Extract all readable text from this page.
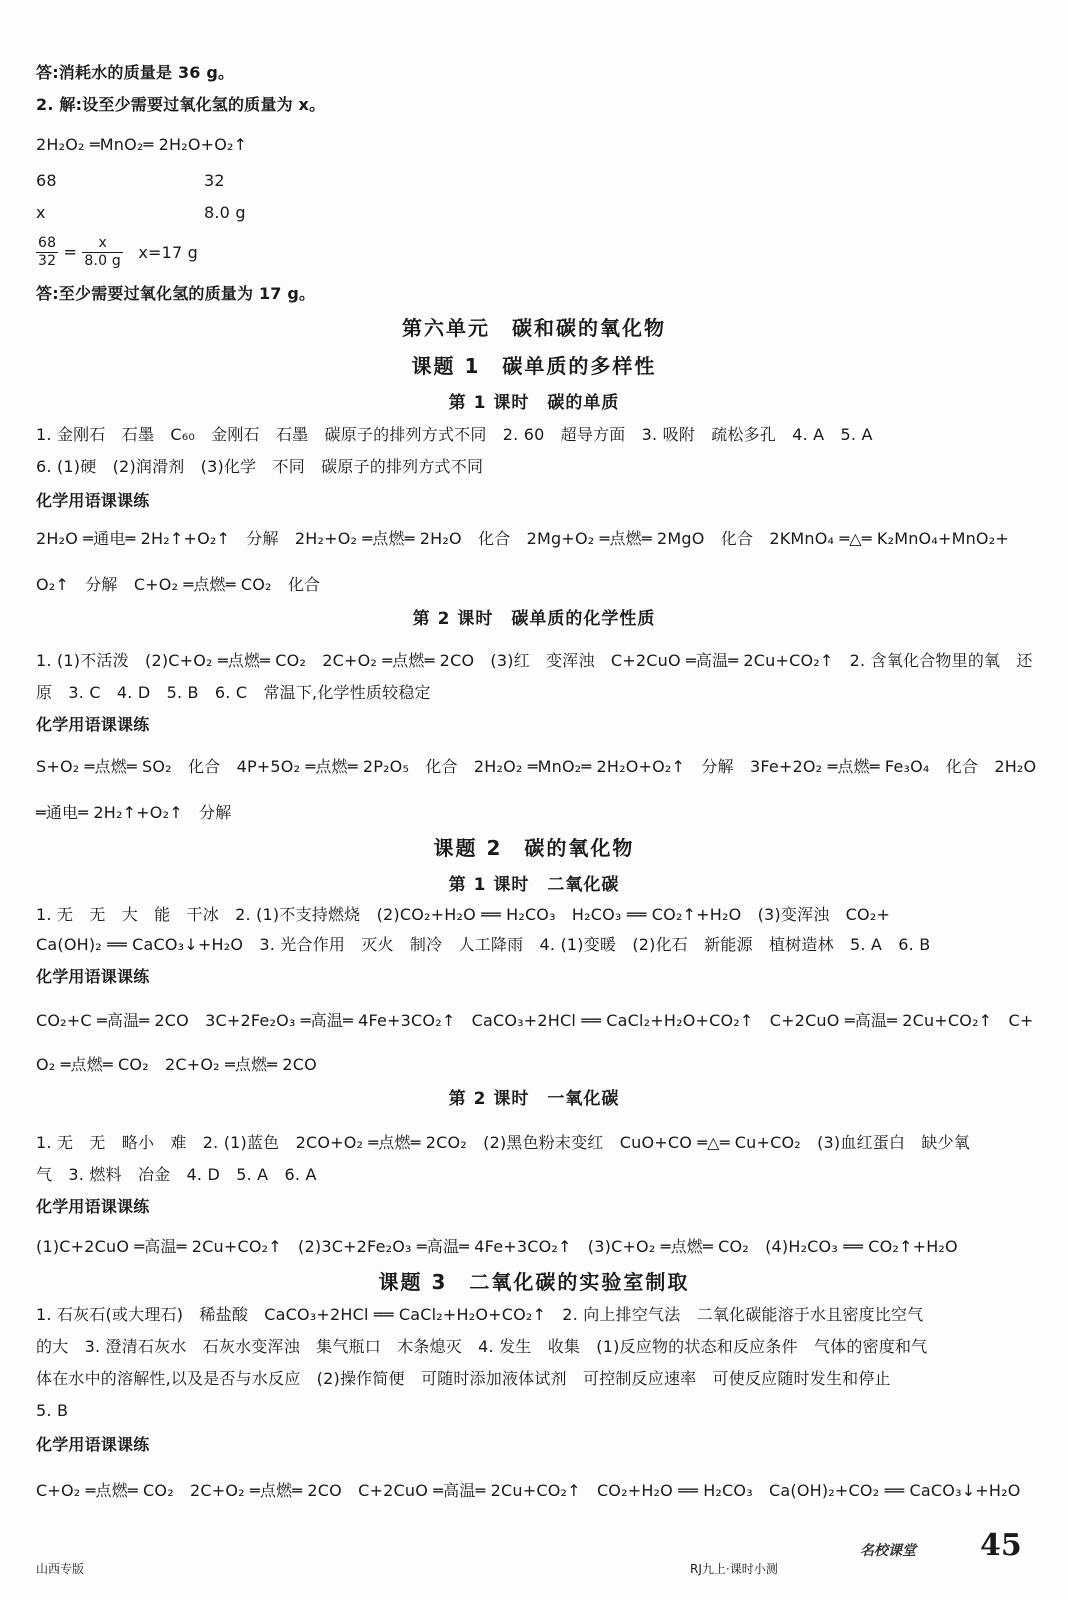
答:消耗水的质量是 36 g。
2. 解:设至少需要过氧化氢的质量为 x。
2H₂O₂ ═MnO₂═ 2H₂O+O₂↑
68	32
x	8.0 g
$\frac{68}{32} = \frac{x}{8.0 g} x=17$ g
答:至少需要过氧化氢的质量为 17 g。
第六单元　碳和碳的氧化物
课题 1　碳单质的多样性
第 1 课时　碳的单质
1. 金刚石　石墨　C₆₀　金刚石　石墨　碳原子的排列方式不同　2. 60　超导方面　3. 吸附　疏松多孔　4. A　5. A
6. (1)硬　(2)润滑剂　(3)化学　不同　碳原子的排列方式不同
化学用语课课练
2H₂O ═通电═ 2H₂↑+O₂↑　分解　2H₂+O₂ ═点燃═ 2H₂O　化合　2Mg+O₂ ═点燃═ 2MgO　化合　2KMnO₄ ═△═ K₂MnO₄+MnO₂+
O₂↑　分解　C+O₂ ═点燃═ CO₂　化合
第 2 课时　碳单质的化学性质
1. (1)不活泼　(2)C+O₂ ═点燃═ CO₂　2C+O₂ ═点燃═ 2CO　(3)红　变浑浊　C+2CuO ═高温═ 2Cu+CO₂↑　2. 含氧化合物里的氧　还
原　3. C　4. D　5. B　6. C　常温下,化学性质较稳定
化学用语课课练
S+O₂ ═点燃═ SO₂　化合　4P+5O₂ ═点燃═ 2P₂O₅　化合　2H₂O₂ ═MnO₂═ 2H₂O+O₂↑　分解　3Fe+2O₂ ═点燃═ Fe₃O₄　化合　2H₂O
═通电═ 2H₂↑+O₂↑　分解
课题 2　碳的氧化物
第 1 课时　二氧化碳
1. 无　无　大　能　干冰　2. (1)不支持燃烧　(2)CO₂+H₂O ══ H₂CO₃　H₂CO₃ ══ CO₂↑+H₂O　(3)变浑浊　CO₂+
Ca(OH)₂ ══ CaCO₃↓+H₂O　3. 光合作用　灭火　制冷　人工降雨　4. (1)变暖　(2)化石　新能源　植树造林　5. A　6. B
化学用语课课练
CO₂+C ═高温═ 2CO　3C+2Fe₂O₃ ═高温═ 4Fe+3CO₂↑　CaCO₃+2HCl ══ CaCl₂+H₂O+CO₂↑　C+2CuO ═高温═ 2Cu+CO₂↑　C+
O₂ ═点燃═ CO₂　2C+O₂ ═点燃═ 2CO
第 2 课时　一氧化碳
1. 无　无　略小　难　2. (1)蓝色　2CO+O₂ ═点燃═ 2CO₂　(2)黑色粉末变红　CuO+CO ═△═ Cu+CO₂　(3)血红蛋白　缺少氧
气　3. 燃料　冶金　4. D　5. A　6. A
化学用语课课练
(1)C+2CuO ═高温═ 2Cu+CO₂↑　(2)3C+2Fe₂O₃ ═高温═ 4Fe+3CO₂↑　(3)C+O₂ ═点燃═ CO₂　(4)H₂CO₃ ══ CO₂↑+H₂O
课题 3　二氧化碳的实验室制取
1. 石灰石(或大理石)　稀盐酸　CaCO₃+2HCl ══ CaCl₂+H₂O+CO₂↑　2. 向上排空气法　二氧化碳能溶于水且密度比空气
的大　3. 澄清石灰水　石灰水变浑浊　集气瓶口　木条熄灭　4. 发生　收集　(1)反应物的状态和反应条件　气体的密度和气
体在水中的溶解性,以及是否与水反应　(2)操作简便　可随时添加液体试剂　可控制反应速率　可使反应随时发生和停止
5. B
化学用语课课练
C+O₂ ═点燃═ CO₂　2C+O₂ ═点燃═ 2CO　C+2CuO ═高温═ 2Cu+CO₂↑　CO₂+H₂O ══ H₂CO₃　Ca(OH)₂+CO₂ ══ CaCO₃↓+H₂O
山西专版	RJ九上·课时小测
名校课堂 45
